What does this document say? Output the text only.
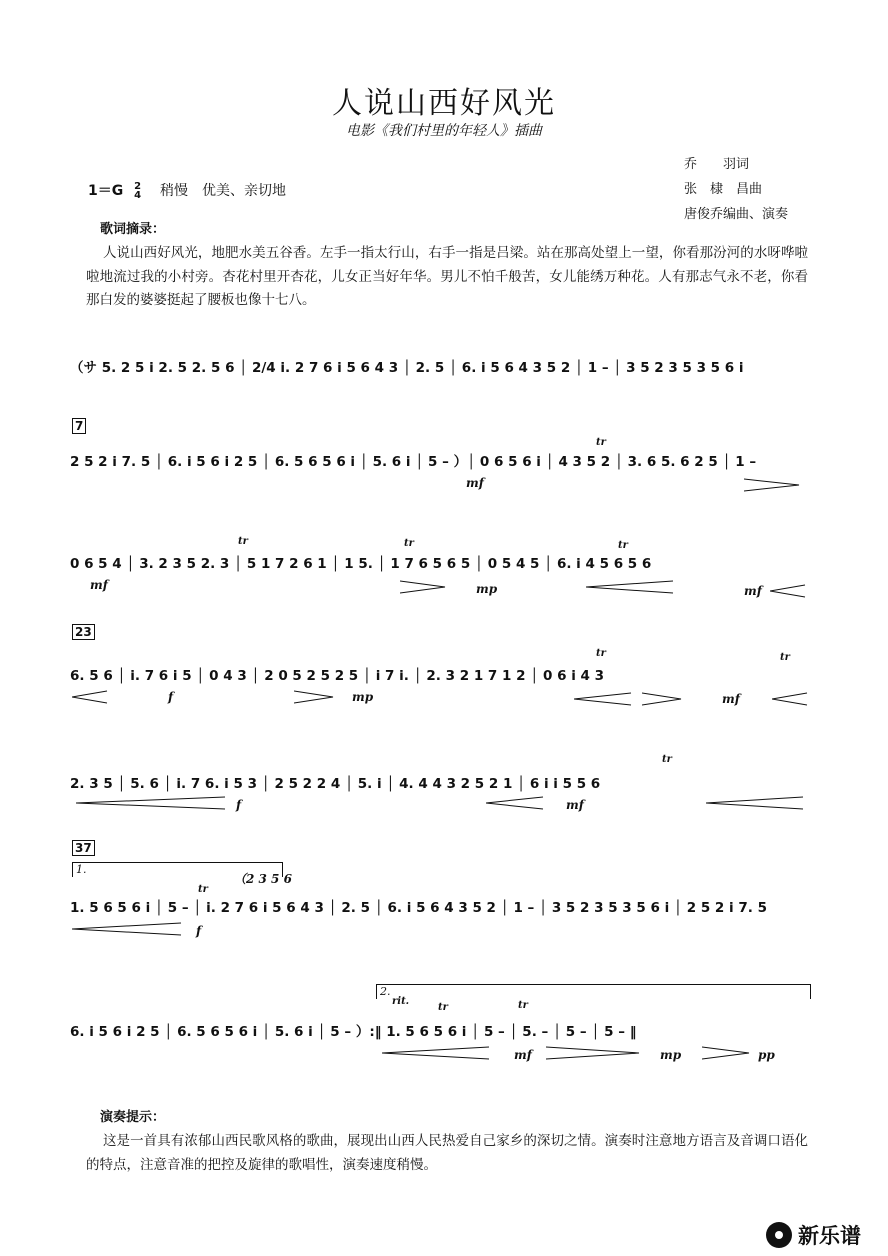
人说山西好风光
电影《我们村里的年轻人》插曲
乔　　羽词
张　棣　昌曲
唐俊乔编曲、演奏
1＝G 2
4 稍慢　优美、亲切地
歌词摘录：
人说山西好风光，地肥水美五谷香。左手一指太行山，右手一指是吕梁。站在那高处望上一望，你看那汾河的水呀哗啦啦地流过我的小村旁。杏花村里开杏花，儿女正当好年华。男儿不怕千般苦，女儿能绣万种花。人有那志气永不老，你看那白发的婆婆挺起了腰板也像十七八。
（サ 5. 2 5 i 2. 5 2. 5 6 │ 2/4 i. 2 7 6 i 5 6 4 3 │ 2. 5 │ 6. i 5 6 4 3 5 2 │ 1 – │ 3 5 2 3 5 3 5 6 i
7
2 5 2 i 7. 5 │ 6. i 5 6 i 2 5 │ 6. 5 6 5 6 i │ 5. 6 i │ 5 – ）│ 0 6 5 6 i │ 4 3 5 2 │ 3. 6 5. 6 2 5 │ 1 –
mf
tr
0 6 5 4 │ 3. 2 3 5 2. 3 │ 5 1 7 2 6 1 │ 1 5. │ 1 7 6 5 6 5 │ 0 5 4 5 │ 6. i 4 5 6 5 6
mf	mp	mf
tr	tr	tr
23
6. 5 6 │ i. 7 6 i 5 │ 0 4 3 │ 2 0 5 2 5 2 5 │ i 7 i. │ 2. 3 2 1 7 1 2 │ 0 6 i 4 3
f	mp	mf
tr	tr
2. 3 5 │ 5. 6 │ i. 7 6. i 5 3 │ 2 5 2 2 4 │ 5. i │ 4. 4 4 3 2 5 2 1 │ 6 i i 5 5 6
f	mf
tr
37
1.
（2 3 5 6
tr
1. 5 6 5 6 i │ 5 – │ i. 2 7 6 i 5 6 4 3 │ 2. 5 │ 6. i 5 6 4 3 5 2 │ 1 – │ 3 5 2 3 5 3 5 6 i │ 2 5 2 i 7. 5
f
2.
rit.
tr	tr
6. i 5 6 i 2 5 │ 6. 5 6 5 6 i │ 5. 6 i │ 5 – ）:‖ 1. 5 6 5 6 i │ 5 – │ 5. – │ 5 – │ 5 – ‖
mf	mp	pp
演奏提示：
这是一首具有浓郁山西民歌风格的歌曲，展现出山西人民热爱自己家乡的深切之情。演奏时注意地方语言及音调口语化的特点，注意音准的把控及旋律的歌唱性，演奏速度稍慢。
新乐谱
